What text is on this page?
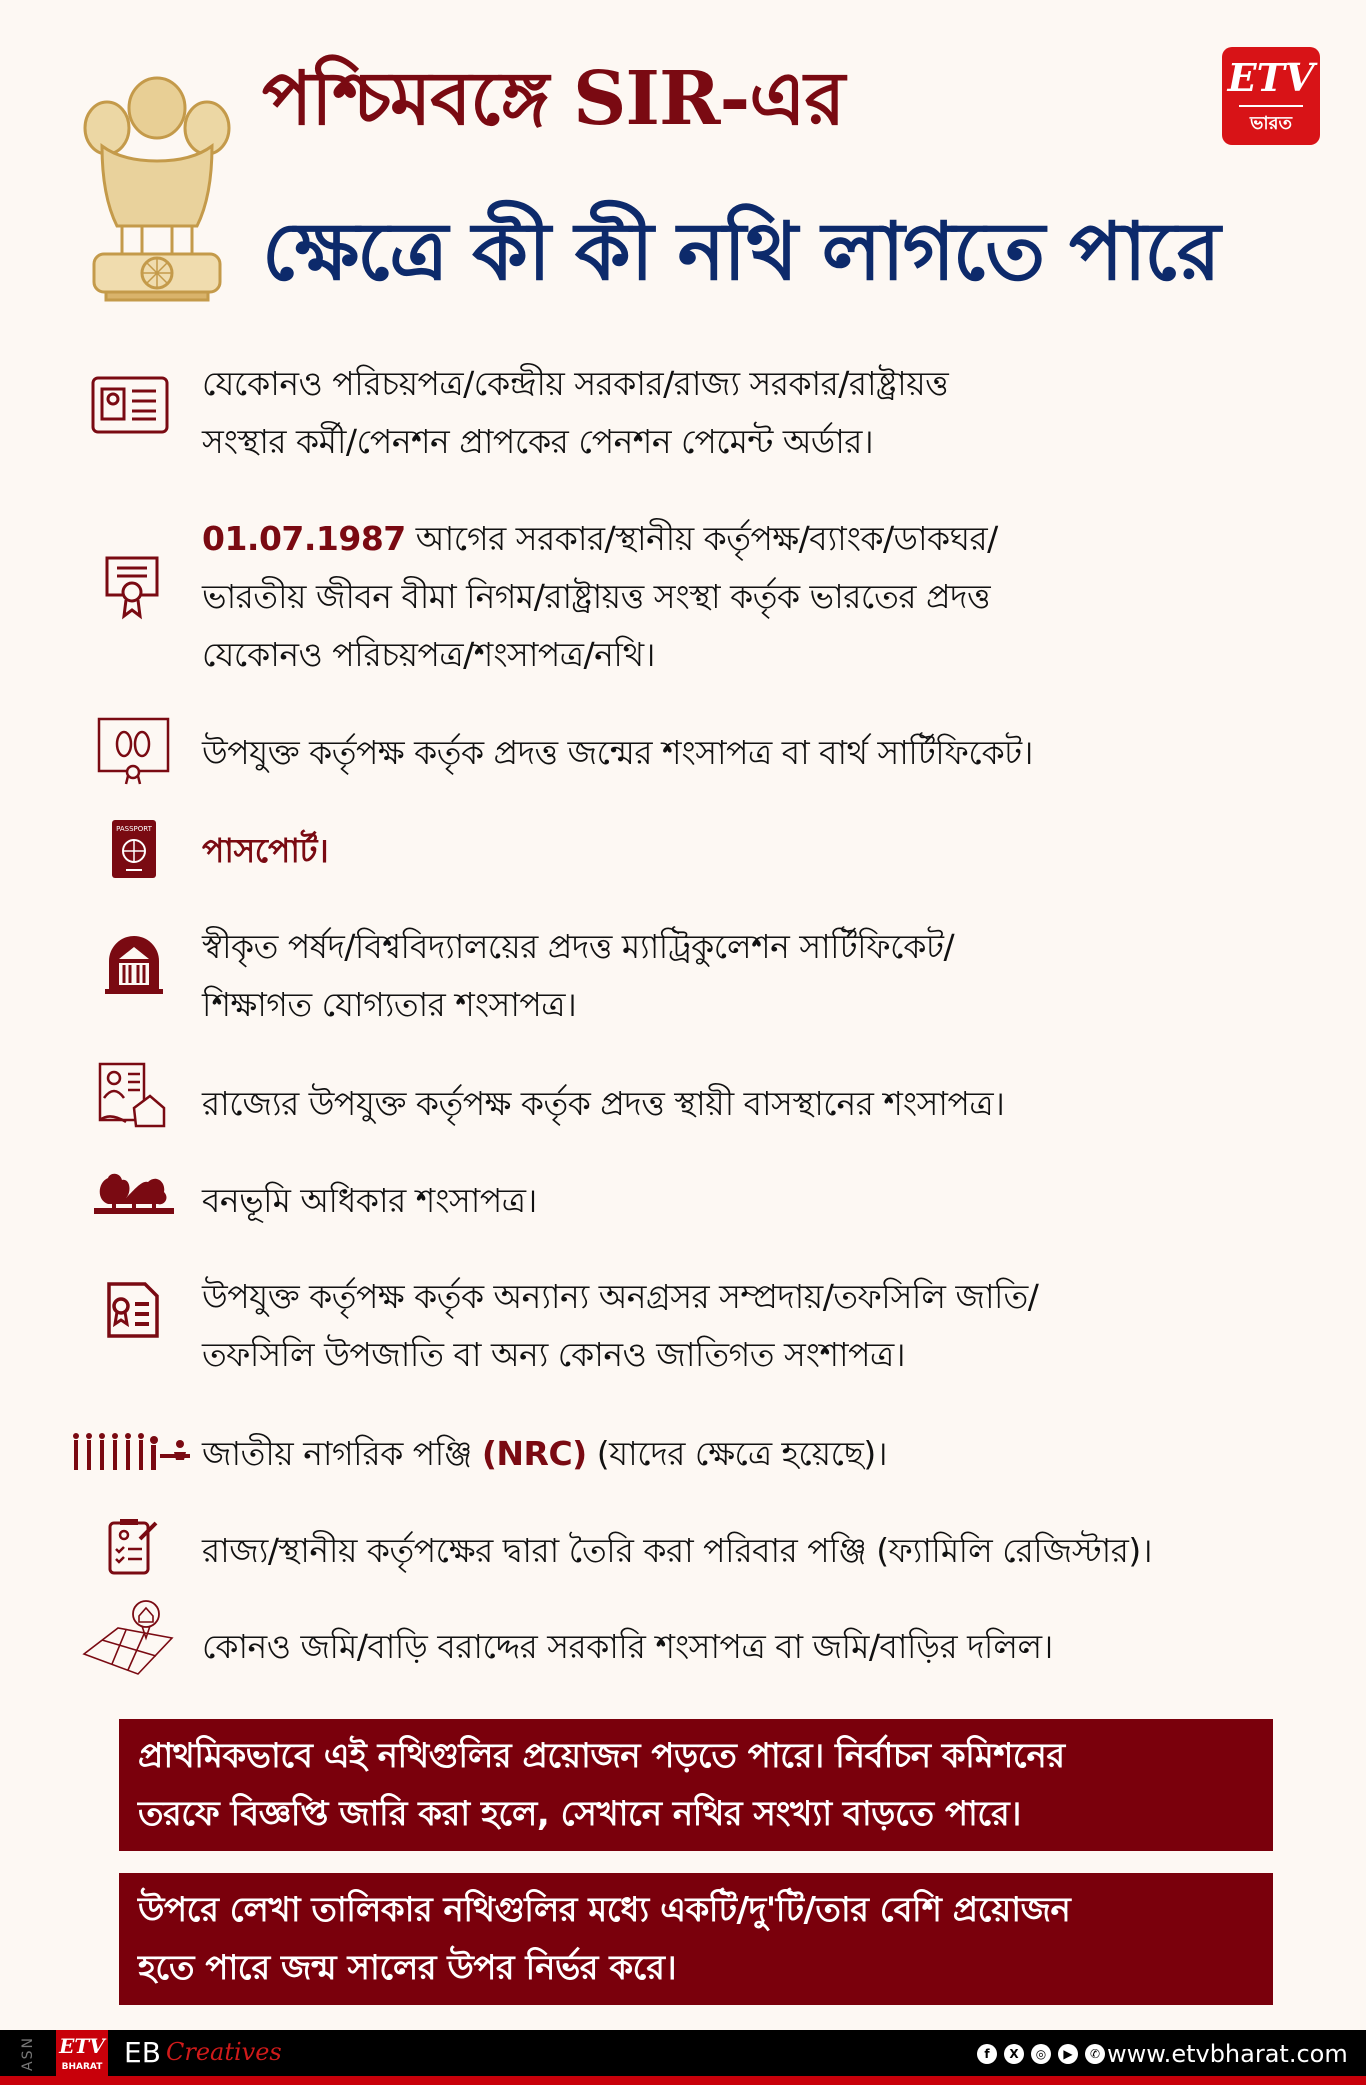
পশ্চিমবঙ্গে SIR-এর
ক্ষেত্রে কী কী নথি লাগতে পারে
ETV
ভারত
যেকোনও পরিচয়পত্র/কেন্দ্রীয় সরকার/রাজ্য সরকার/রাষ্ট্রায়ত্ত
সংস্থার কর্মী/পেনশন প্রাপকের পেনশন পেমেন্ট অর্ডার।
01.07.1987 আগের সরকার/স্থানীয় কর্তৃপক্ষ/ব্যাংক/ডাকঘর/
ভারতীয় জীবন বীমা নিগম/রাষ্ট্রায়ত্ত সংস্থা কর্তৃক ভারতের প্রদত্ত
যেকোনও পরিচয়পত্র/শংসাপত্র/নথি।
উপযুক্ত কর্তৃপক্ষ কর্তৃক প্রদত্ত জন্মের শংসাপত্র বা বার্থ সার্টিফিকেট।
PASSPORT
পাসপোর্ট।
স্বীকৃত পর্ষদ/বিশ্ববিদ্যালয়ের প্রদত্ত ম্যাট্রিকুলেশন সার্টিফিকেট/
শিক্ষাগত যোগ্যতার শংসাপত্র।
রাজ্যের উপযুক্ত কর্তৃপক্ষ কর্তৃক প্রদত্ত স্থায়ী বাসস্থানের শংসাপত্র।
বনভূমি অধিকার শংসাপত্র।
উপযুক্ত কর্তৃপক্ষ কর্তৃক অন্যান্য অনগ্রসর সম্প্রদায়/তফসিলি জাতি/
তফসিলি উপজাতি বা অন্য কোনও জাতিগত সংশাপত্র।
জাতীয় নাগরিক পঞ্জি (NRC) (যাদের ক্ষেত্রে হয়েছে)।
রাজ্য/স্থানীয় কর্তৃপক্ষের দ্বারা তৈরি করা পরিবার পঞ্জি (ফ্যামিলি রেজিস্টার)।
কোনও জমি/বাড়ি বরাদ্দের সরকারি শংসাপত্র বা জমি/বাড়ির দলিল।
প্রাথমিকভাবে এই নথিগুলির প্রয়োজন পড়তে পারে। নির্বাচন কমিশনের
তরফে বিজ্ঞপ্তি জারি করা হলে, সেখানে নথির সংখ্যা বাড়তে পারে।
উপরে লেখা তালিকার নথিগুলির মধ্যে একটি/দু'টি/তার বেশি প্রয়োজন
হতে পারে জন্ম সালের উপর নির্ভর করে।
ASN ETV
BHARAT EB Creatives	f	X	◎	▶	✆ www.etvbharat.com
